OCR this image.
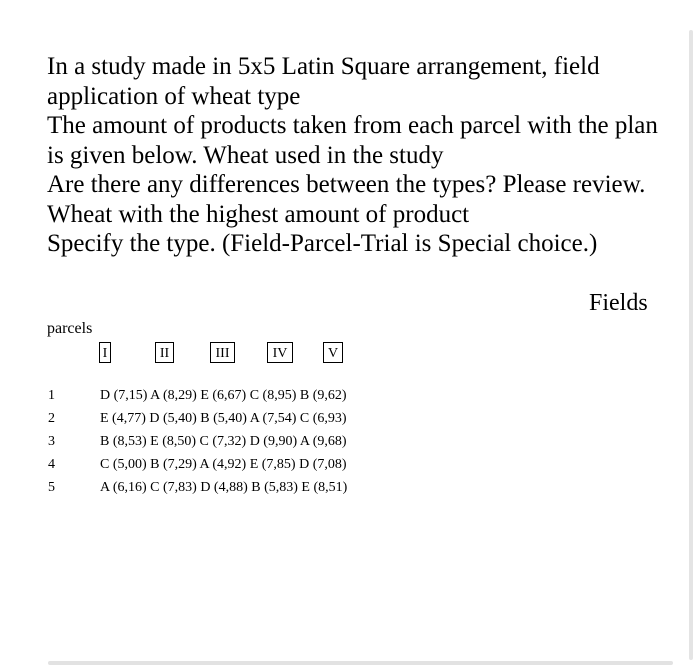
In a study made in 5x5 Latin Square arrangement, field
application of wheat type
The amount of products taken from each parcel with the plan
is given below. Wheat used in the study
Are there any differences between the types? Please review.
Wheat with the highest amount of product
Specify the type. (Field-Parcel-Trial is Special choice.)
Fields
parcels
I	II	III	IV	V
1	D (7,15) A (8,29) E (6,67) C (8,95) B (9,62)
2	E (4,77) D (5,40) B (5,40) A (7,54) C (6,93)
3	B (8,53) E (8,50) C (7,32) D (9,90) A (9,68)
4	C (5,00) B (7,29) A (4,92) E (7,85) D (7,08)
5	A (6,16) C (7,83) D (4,88) B (5,83) E (8,51)
